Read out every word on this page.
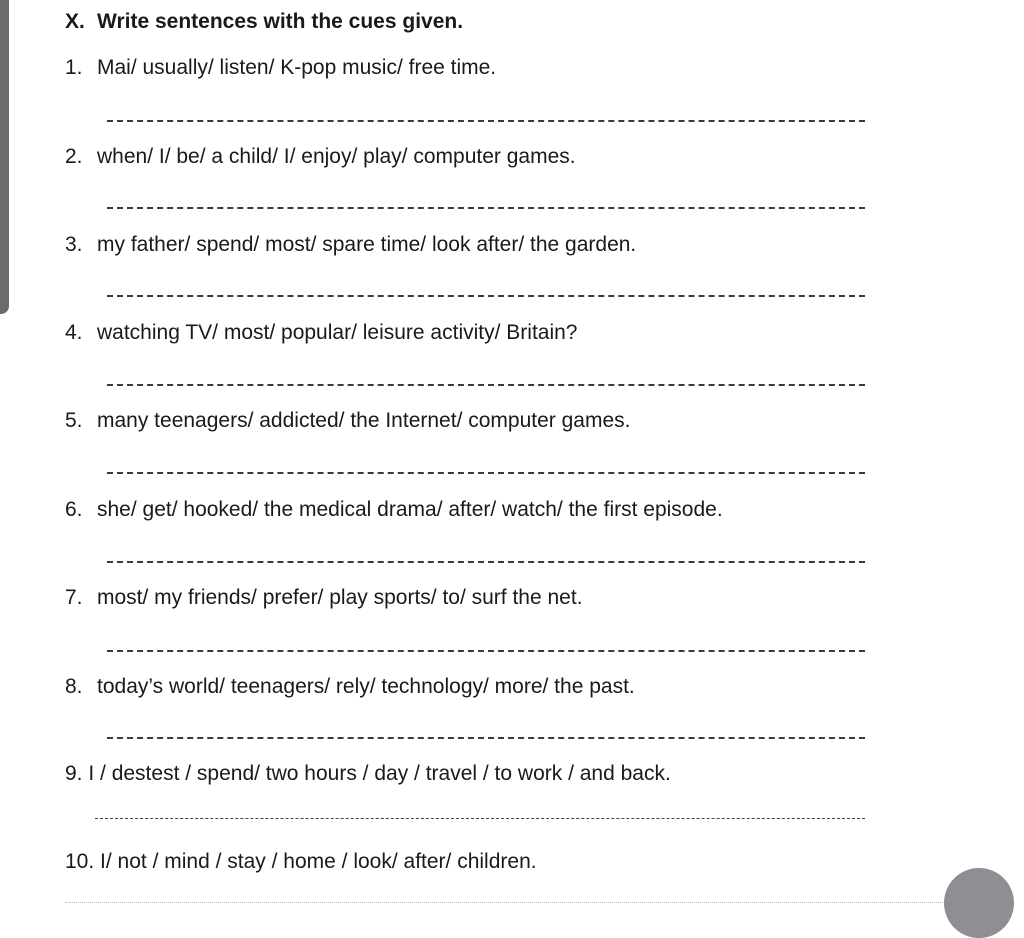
X. Write sentences with the cues given.
1. Mai/ usually/ listen/ K-pop music/ free time.
2. when/ I/ be/ a child/ I/ enjoy/ play/ computer games.
3. my father/ spend/ most/ spare time/ look after/ the garden.
4. watching TV/ most/ popular/ leisure activity/ Britain?
5. many teenagers/ addicted/ the Internet/ computer games.
6. she/ get/ hooked/ the medical drama/ after/ watch/ the first episode.
7. most/ my friends/ prefer/ play sports/ to/ surf the net.
8. today’s world/ teenagers/ rely/ technology/ more/ the past.
9. I / destest / spend/ two hours / day / travel / to work / and back.
10. I/ not / mind / stay / home / look/ after/ children.
